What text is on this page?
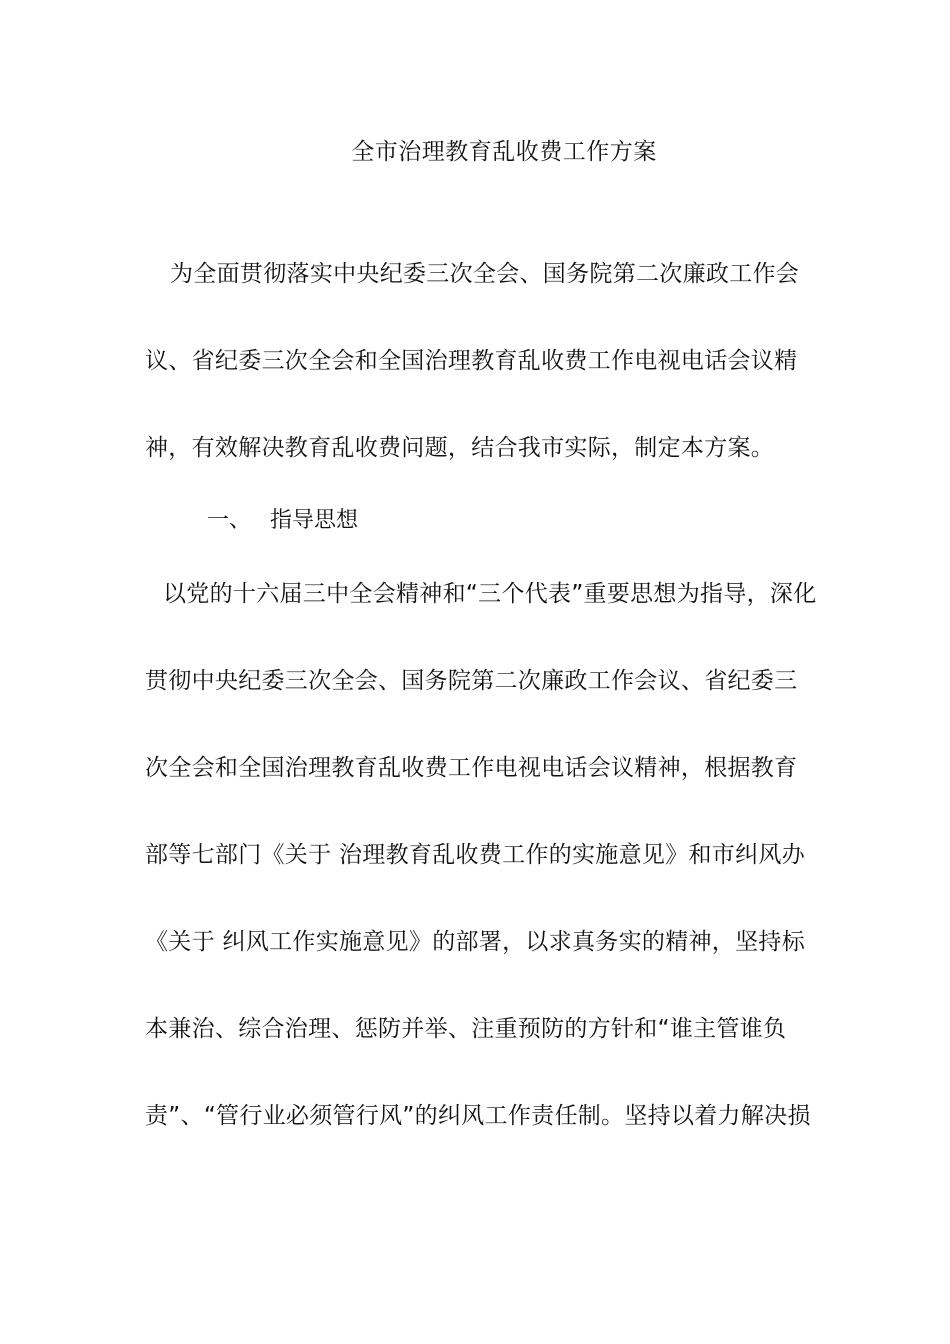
全市治理教育乱收费工作方案
为全面贯彻落实中央纪委三次全会、国务院第二次廉政工作会
议、省纪委三次全会和全国治理教育乱收费工作电视电话会议精
神，有效解决教育乱收费问题，结合我市实际，制定本方案。
一、 指导思想
以党的十六届三中全会精神和“三个代表”重要思想为指导，深化
贯彻中央纪委三次全会、国务院第二次廉政工作会议、省纪委三
次全会和全国治理教育乱收费工作电视电话会议精神，根据教育
部等七部门《关于 治理教育乱收费工作的实施意见》和市纠风办
《关于 纠风工作实施意见》的部署，以求真务实的精神，坚持标
本兼治、综合治理、惩防并举、注重预防的方针和“谁主管谁负
责”、“管行业必须管行风”的纠风工作责任制。坚持以着力解决损
